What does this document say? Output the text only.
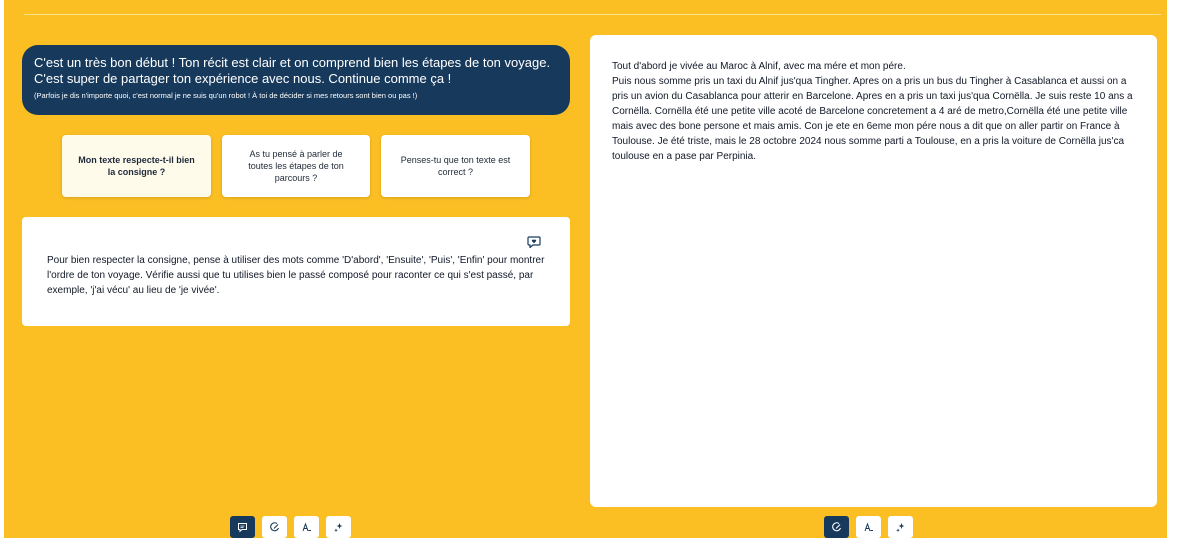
C'est un très bon début ! Ton récit est clair et on comprend bien les étapes de ton voyage.
C'est super de partager ton expérience avec nous. Continue comme ça !
(Parfois je dis n'importe quoi, c'est normal je ne suis qu'un robot ! À toi de décider si mes retours sont bien ou pas !)
Mon texte respecte-t-il bien la consigne ?
As tu pensé à parler de toutes les étapes de ton parcours ?
Penses-tu que ton texte est correct ?
Pour bien respecter la consigne, pense à utiliser des mots comme 'D'abord', 'Ensuite', 'Puis', 'Enfin' pour montrer l'ordre de ton voyage. Vérifie aussi que tu utilises bien le passé composé pour raconter ce qui s'est passé, par exemple, 'j'ai vécu' au lieu de 'je vivée'.

Tout d'abord je vivée au Maroc à Alnif, avec ma mére et mon pére.

Puis nous somme pris un taxi du Alnif jus'qua Tingher. Apres on a pris un bus du Tingher à Casablanca et aussi on a pris un avion du Casablanca pour atterir en Barcelone. Apres en a pris un taxi jus'qua Cornëlla. Je suis reste 10 ans a Cornëlla. Cornëlla été une petite ville acoté de Barcelone concretement a 4 aré de metro,Cornëlla été une petite ville mais avec des bone persone et mais amis. Con je ete en 6eme mon pére nous a dit que on aller partir on France à Toulouse. Je été triste, mais le 28 octobre 2024 nous somme parti a Toulouse, en a pris la voiture de Cornëlla jus'ca toulouse en a pase par Perpinia.
